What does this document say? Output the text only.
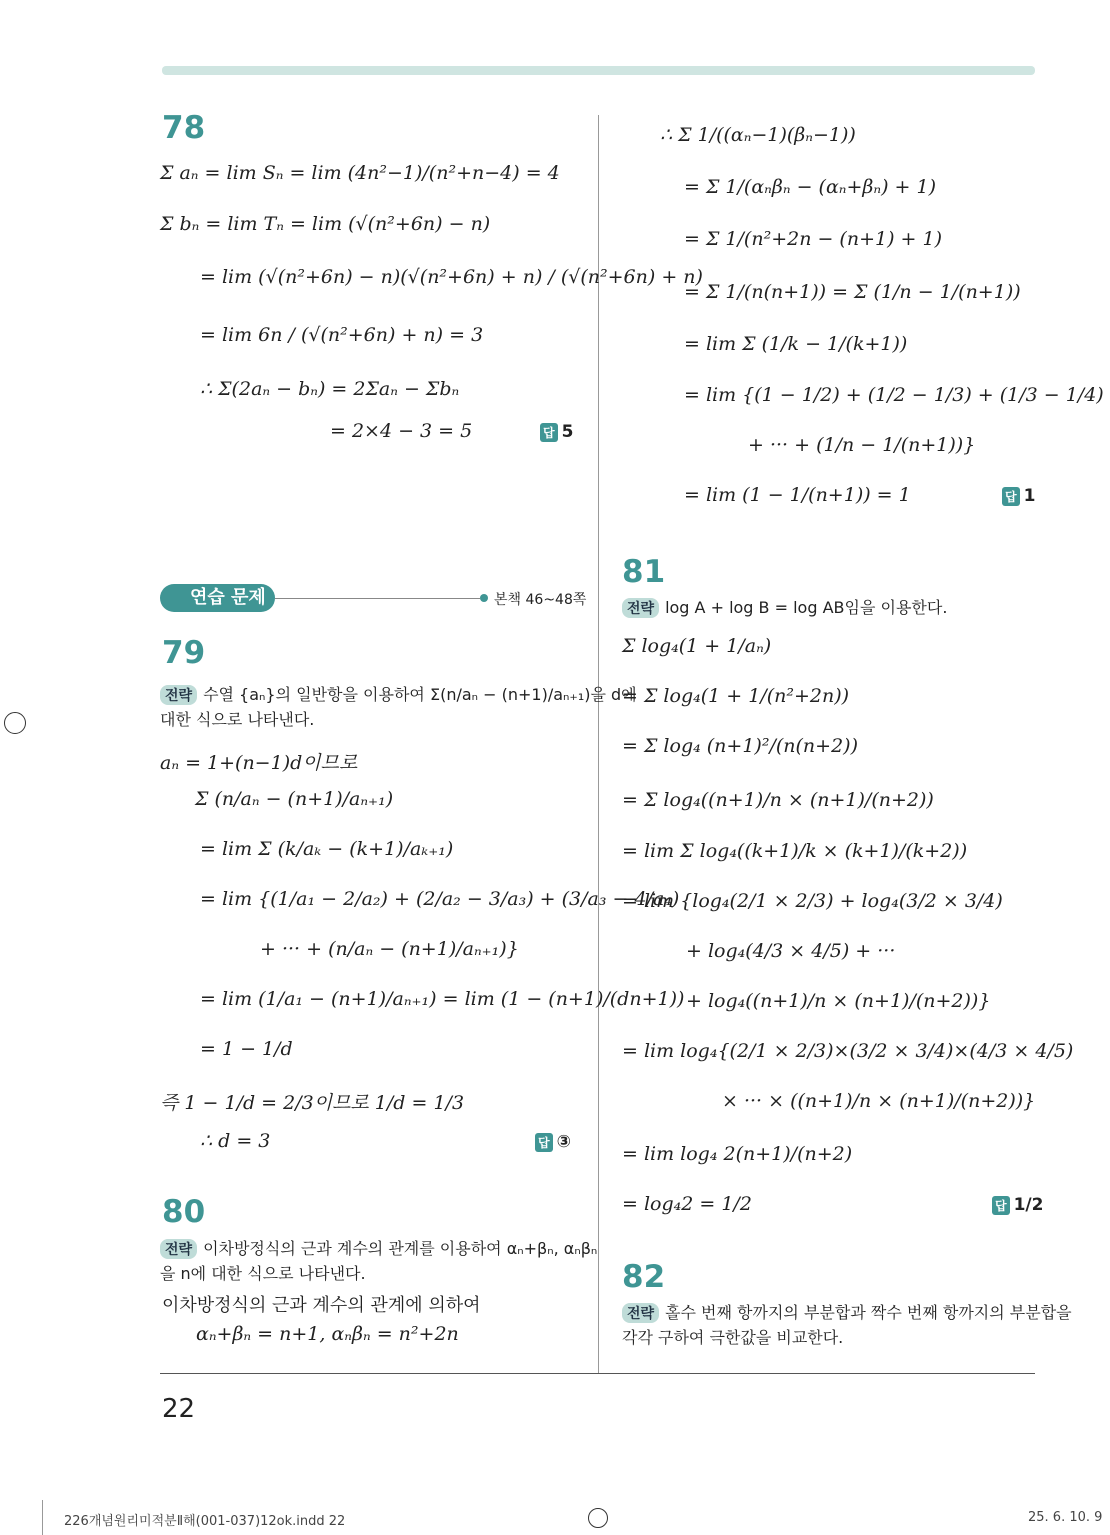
연습 문제	본책 46~48쪽
22
226개념원리미적분Ⅱ해(001-037)12ok.indd 22	25. 6. 10. 9
78
Σ aₙ = lim Sₙ = lim (4n²−1)/(n²+n−4) = 4
Σ bₙ = lim Tₙ = lim (√(n²+6n) − n)
= lim (√(n²+6n) − n)(√(n²+6n) + n) / (√(n²+6n) + n)
= lim 6n / (√(n²+6n) + n) = 3
∴ Σ(2aₙ − bₙ) = 2Σaₙ − Σbₙ
= 2×4 − 3 = 5	답 5
79
전략 수열 {aₙ}의 일반항을 이용하여 Σ(n/aₙ − (n+1)/aₙ₊₁)을 d에
대한 식으로 나타낸다.
aₙ = 1+(n−1)d이므로
Σ (n/aₙ − (n+1)/aₙ₊₁)
= lim Σ (k/aₖ − (k+1)/aₖ₊₁)
= lim {(1/a₁ − 2/a₂) + (2/a₂ − 3/a₃) + (3/a₃ − 4/a₄)
+ ··· + (n/aₙ − (n+1)/aₙ₊₁)}
= lim (1/a₁ − (n+1)/aₙ₊₁) = lim (1 − (n+1)/(dn+1))
= 1 − 1/d
즉 1 − 1/d = 2/3이므로 1/d = 1/3
∴ d = 3	답 ③
80
전략 이차방정식의 근과 계수의 관계를 이용하여 αₙ+βₙ, αₙβₙ
을 n에 대한 식으로 나타낸다.
이차방정식의 근과 계수의 관계에 의하여
αₙ+βₙ = n+1, αₙβₙ = n²+2n
∴ Σ 1/((αₙ−1)(βₙ−1))
= Σ 1/(αₙβₙ − (αₙ+βₙ) + 1)
= Σ 1/(n²+2n − (n+1) + 1)
= Σ 1/(n(n+1)) = Σ (1/n − 1/(n+1))
= lim Σ (1/k − 1/(k+1))
= lim {(1 − 1/2) + (1/2 − 1/3) + (1/3 − 1/4)
+ ··· + (1/n − 1/(n+1))}
= lim (1 − 1/(n+1)) = 1	답 1
81
전략 log A + log B = log AB임을 이용한다.
Σ log₄(1 + 1/aₙ)
= Σ log₄(1 + 1/(n²+2n))
= Σ log₄ (n+1)²/(n(n+2))
= Σ log₄((n+1)/n × (n+1)/(n+2))
= lim Σ log₄((k+1)/k × (k+1)/(k+2))
= lim {log₄(2/1 × 2/3) + log₄(3/2 × 3/4)
+ log₄(4/3 × 4/5) + ···
+ log₄((n+1)/n × (n+1)/(n+2))}
= lim log₄{(2/1 × 2/3)×(3/2 × 3/4)×(4/3 × 4/5)
× ··· × ((n+1)/n × (n+1)/(n+2))}
= lim log₄ 2(n+1)/(n+2)
= log₄2 = 1/2	답 1/2
82
전략 홀수 번째 항까지의 부분합과 짝수 번째 항까지의 부분합을
각각 구하여 극한값을 비교한다.
